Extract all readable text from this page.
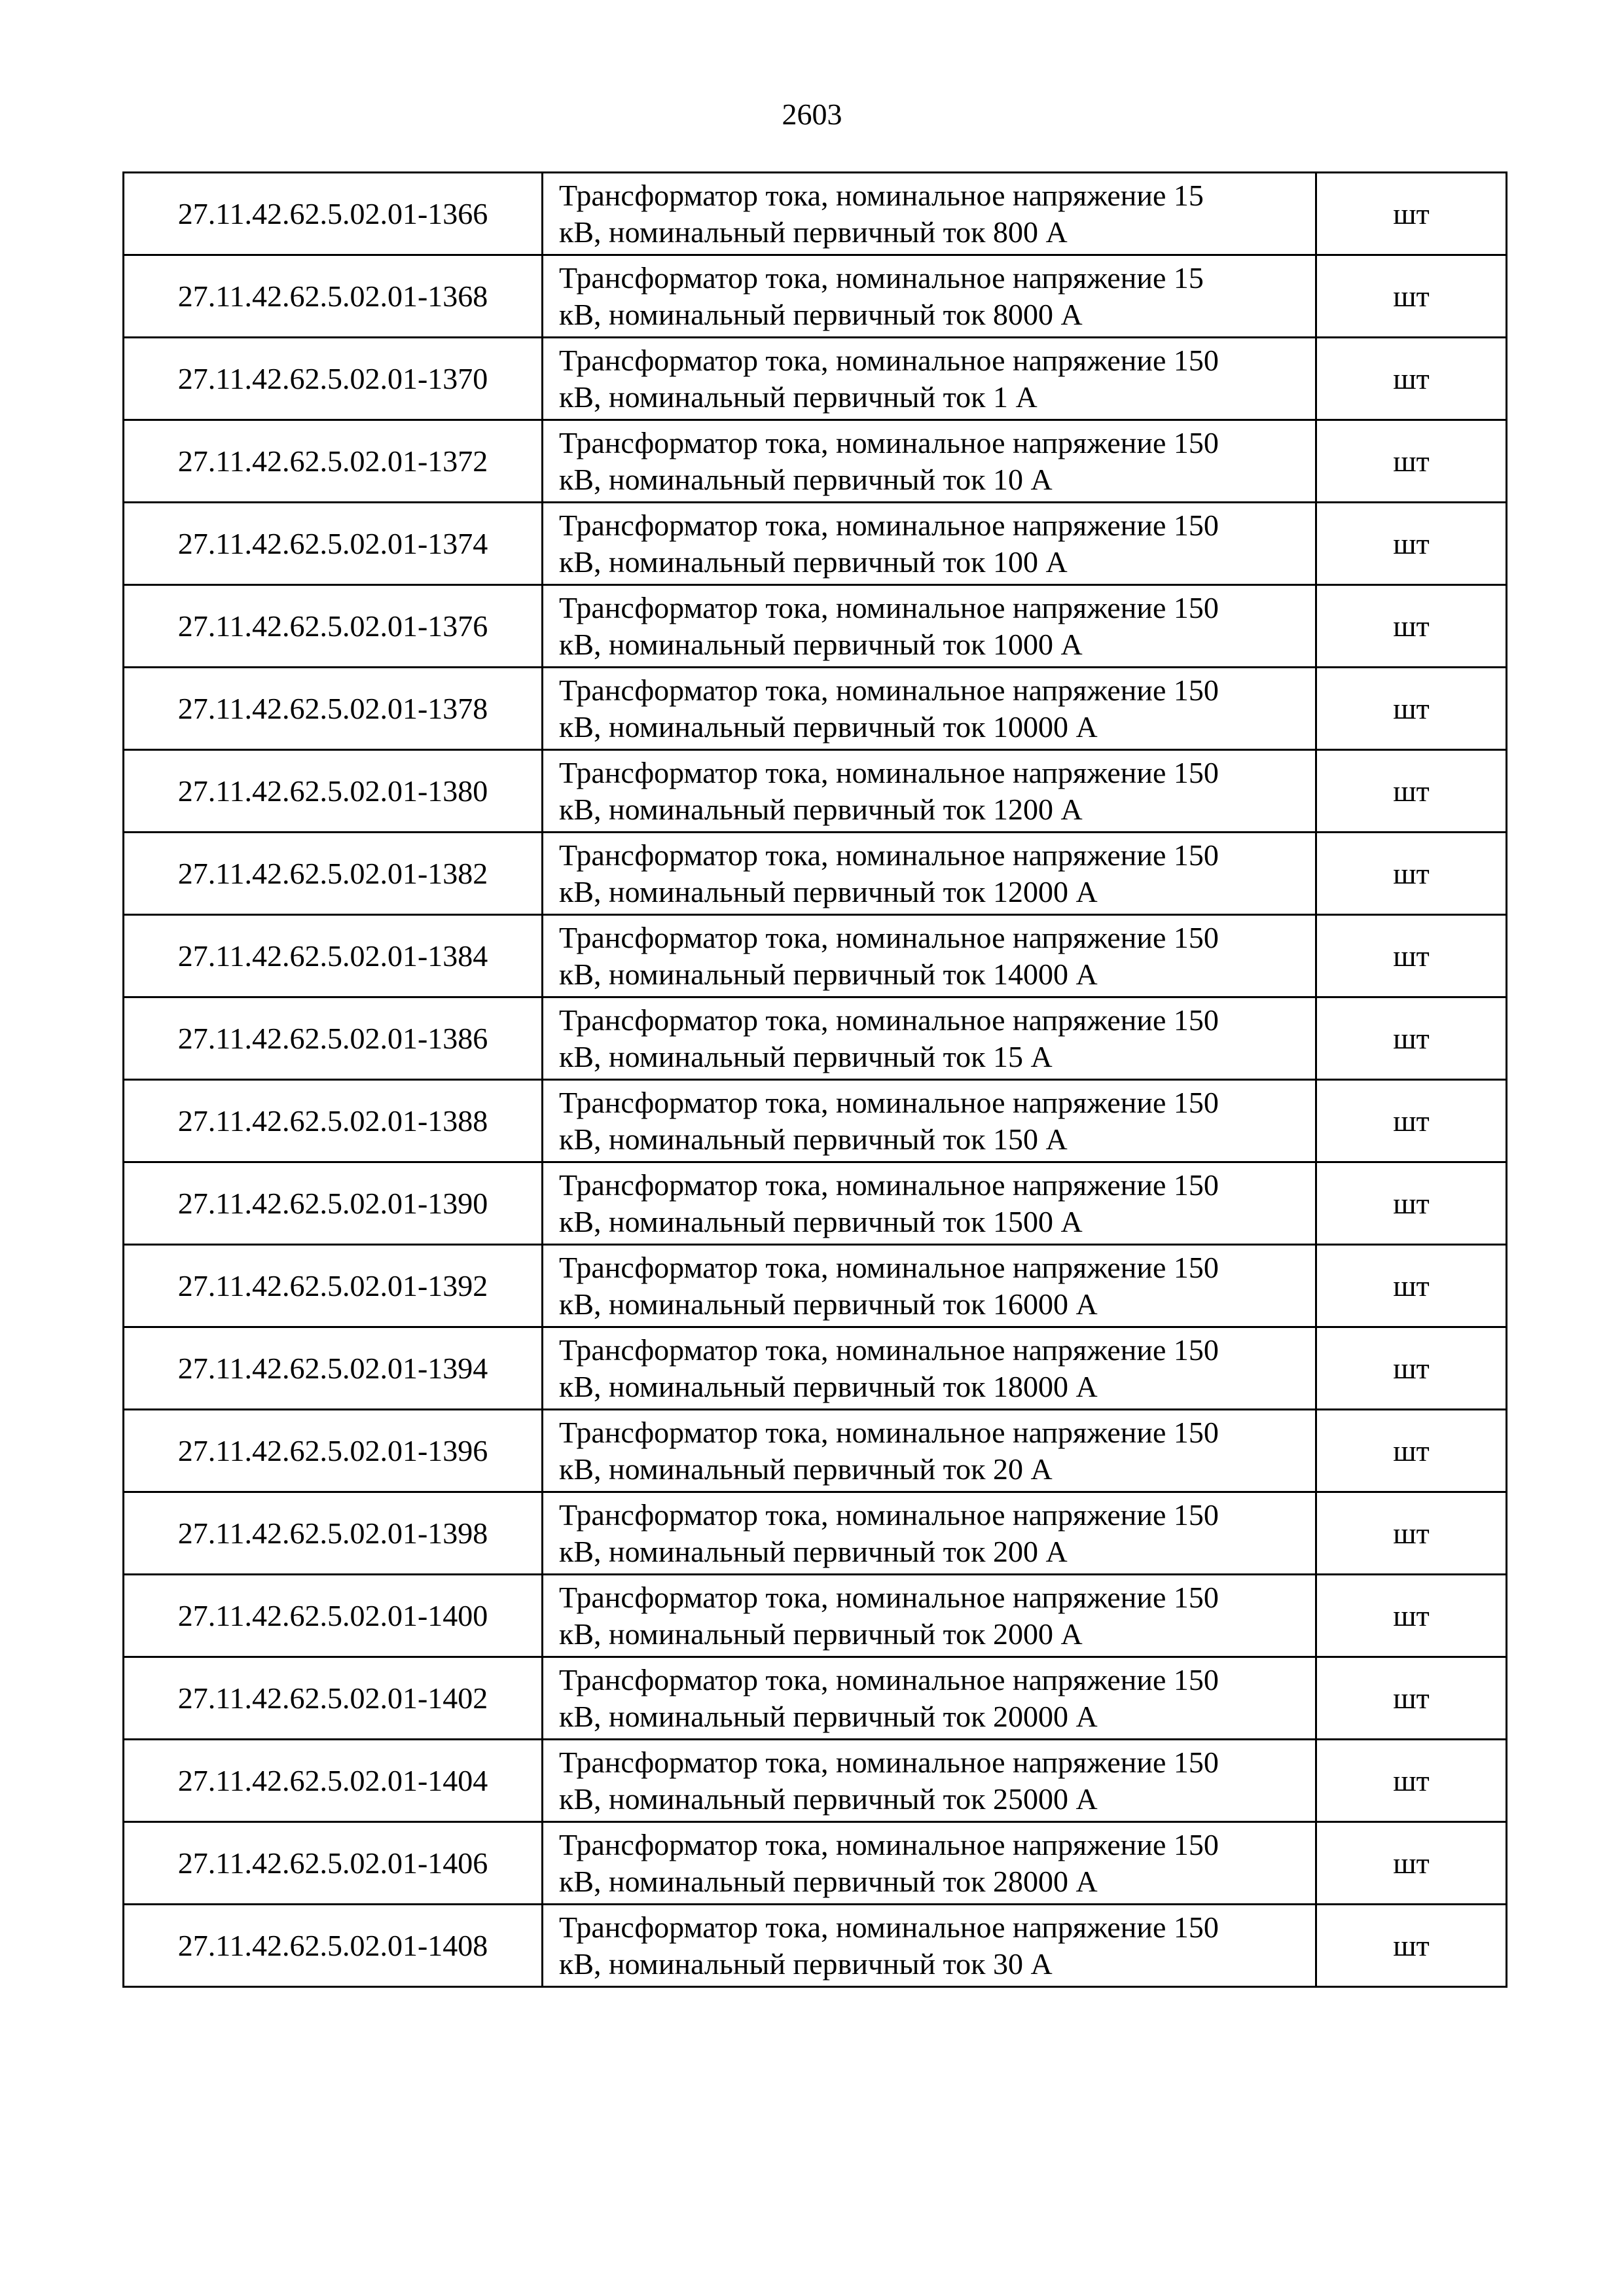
2603
27.11.42.62.5.02.01-1366	Трансформатор тока, номинальное напряжение 15
кВ, номинальный первичный ток 800 А	шт
27.11.42.62.5.02.01-1368	Трансформатор тока, номинальное напряжение 15
кВ, номинальный первичный ток 8000 А	шт
27.11.42.62.5.02.01-1370	Трансформатор тока, номинальное напряжение 150
кВ, номинальный первичный ток 1 А	шт
27.11.42.62.5.02.01-1372	Трансформатор тока, номинальное напряжение 150
кВ, номинальный первичный ток 10 А	шт
27.11.42.62.5.02.01-1374	Трансформатор тока, номинальное напряжение 150
кВ, номинальный первичный ток 100 А	шт
27.11.42.62.5.02.01-1376	Трансформатор тока, номинальное напряжение 150
кВ, номинальный первичный ток 1000 А	шт
27.11.42.62.5.02.01-1378	Трансформатор тока, номинальное напряжение 150
кВ, номинальный первичный ток 10000 А	шт
27.11.42.62.5.02.01-1380	Трансформатор тока, номинальное напряжение 150
кВ, номинальный первичный ток 1200 А	шт
27.11.42.62.5.02.01-1382	Трансформатор тока, номинальное напряжение 150
кВ, номинальный первичный ток 12000 А	шт
27.11.42.62.5.02.01-1384	Трансформатор тока, номинальное напряжение 150
кВ, номинальный первичный ток 14000 А	шт
27.11.42.62.5.02.01-1386	Трансформатор тока, номинальное напряжение 150
кВ, номинальный первичный ток 15 А	шт
27.11.42.62.5.02.01-1388	Трансформатор тока, номинальное напряжение 150
кВ, номинальный первичный ток 150 А	шт
27.11.42.62.5.02.01-1390	Трансформатор тока, номинальное напряжение 150
кВ, номинальный первичный ток 1500 А	шт
27.11.42.62.5.02.01-1392	Трансформатор тока, номинальное напряжение 150
кВ, номинальный первичный ток 16000 А	шт
27.11.42.62.5.02.01-1394	Трансформатор тока, номинальное напряжение 150
кВ, номинальный первичный ток 18000 А	шт
27.11.42.62.5.02.01-1396	Трансформатор тока, номинальное напряжение 150
кВ, номинальный первичный ток 20 А	шт
27.11.42.62.5.02.01-1398	Трансформатор тока, номинальное напряжение 150
кВ, номинальный первичный ток 200 А	шт
27.11.42.62.5.02.01-1400	Трансформатор тока, номинальное напряжение 150
кВ, номинальный первичный ток 2000 А	шт
27.11.42.62.5.02.01-1402	Трансформатор тока, номинальное напряжение 150
кВ, номинальный первичный ток 20000 А	шт
27.11.42.62.5.02.01-1404	Трансформатор тока, номинальное напряжение 150
кВ, номинальный первичный ток 25000 А	шт
27.11.42.62.5.02.01-1406	Трансформатор тока, номинальное напряжение 150
кВ, номинальный первичный ток 28000 А	шт
27.11.42.62.5.02.01-1408	Трансформатор тока, номинальное напряжение 150
кВ, номинальный первичный ток 30 А	шт
